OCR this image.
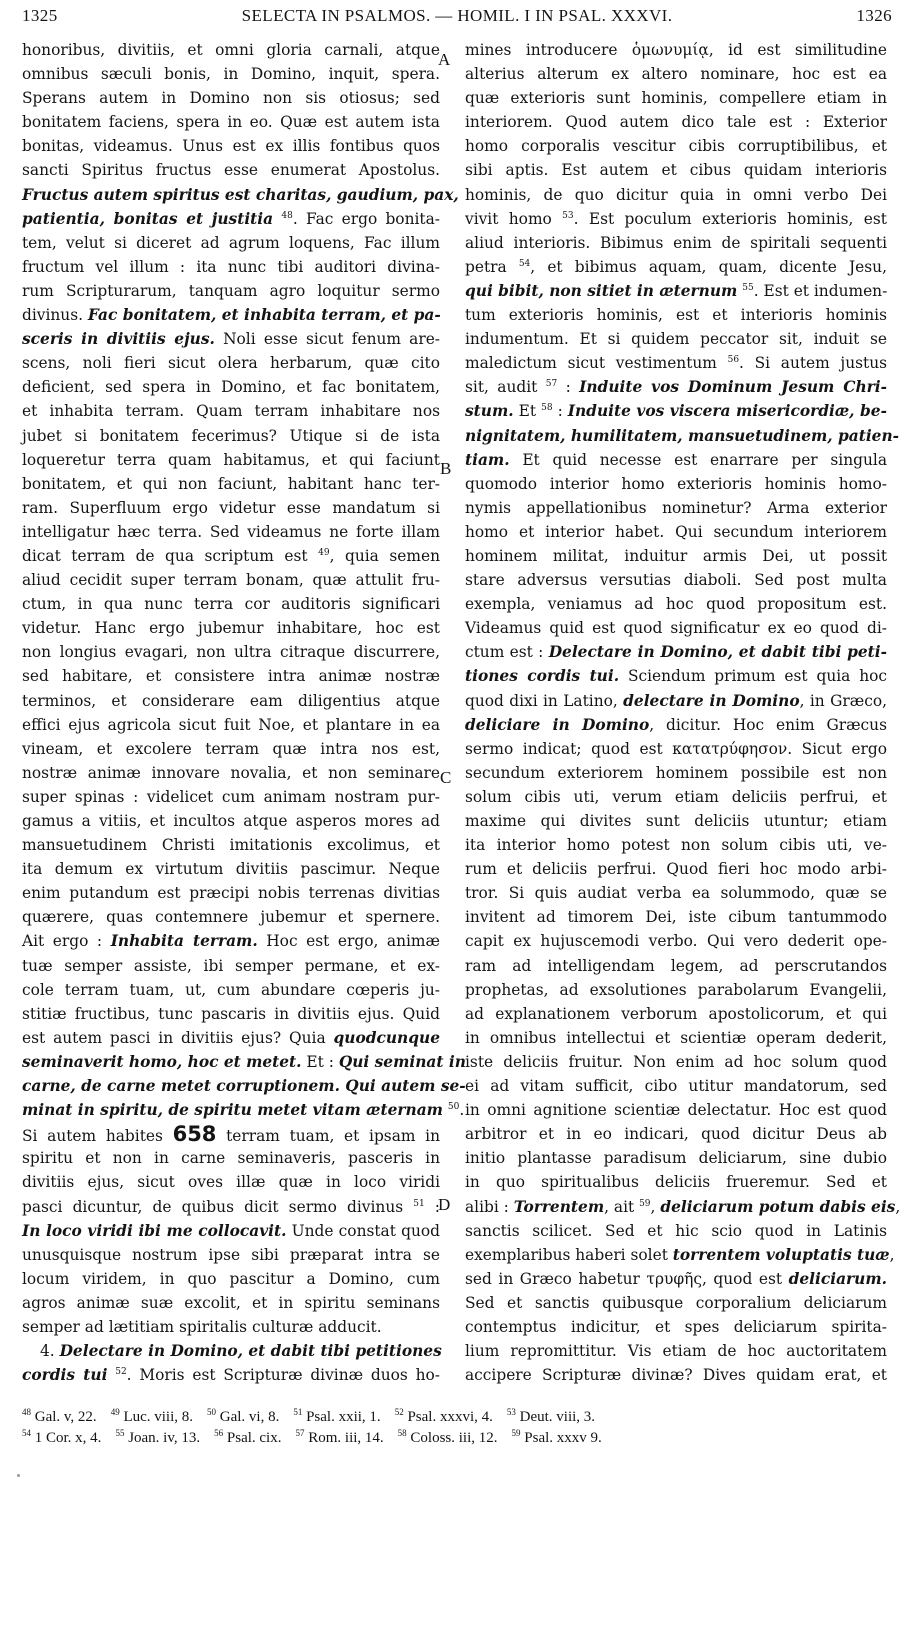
1325	SELECTA IN PSALMOS. — HOMIL. I IN PSAL. XXXVI.	1326
honoribus, divitiis, et omni gloria carnali, atque
omnibus sæculi bonis, in Domino, inquit, spera.
Sperans autem in Domino non sis otiosus; sed
bonitatem faciens, spera in eo. Quæ est autem ista
bonitas, videamus. Unus est ex illis fontibus quos
sancti Spiritus fructus esse enumerat Apostolus.
Fructus autem spiritus est charitas, gaudium, pax,
patientia, bonitas et justitia $^{48}$. Fac ergo bonita-
tem, velut si diceret ad agrum loquens, Fac illum
fructum vel illum : ita nunc tibi auditori divina-
rum Scripturarum, tanquam agro loquitur sermo
divinus. Fac bonitatem, et inhabita terram, et pa-
sceris in divitiis ejus. Noli esse sicut fenum are-
scens, noli fieri sicut olera herbarum, quæ cito
deficient, sed spera in Domino, et fac bonitatem,
et inhabita terram. Quam terram inhabitare nos
jubet si bonitatem fecerimus? Utique si de ista
loqueretur terra quam habitamus, et qui faciunt
bonitatem, et qui non faciunt, habitant hanc ter-
ram. Superfluum ergo videtur esse mandatum si
intelligatur hæc terra. Sed videamus ne forte illam
dicat terram de qua scriptum est $^{49}$, quia semen
aliud cecidit super terram bonam, quæ attulit fru-
ctum, in qua nunc terra cor auditoris significari
videtur. Hanc ergo jubemur inhabitare, hoc est
non longius evagari, non ultra citraque discurrere,
sed habitare, et consistere intra animæ nostræ
terminos, et considerare eam diligentius atque
effici ejus agricola sicut fuit Noe, et plantare in ea
vineam, et excolere terram quæ intra nos est,
nostræ animæ innovare novalia, et non seminare
super spinas : videlicet cum animam nostram pur-
gamus a vitiis, et incultos atque asperos mores ad
mansuetudinem Christi imitationis excolimus, et
ita demum ex virtutum divitiis pascimur. Neque
enim putandum est præcipi nobis terrenas divitias
quærere, quas contemnere jubemur et spernere.
Ait ergo : Inhabita terram. Hoc est ergo, animæ
tuæ semper assiste, ibi semper permane, et ex-
cole terram tuam, ut, cum abundare cœperis ju-
stitiæ fructibus, tunc pascaris in divitiis ejus. Quid
est autem pasci in divitiis ejus? Quia quodcunque
seminaverit homo, hoc et metet. Et : Qui seminat in
carne, de carne metet corruptionem. Qui autem se-
minat in spiritu, de spiritu metet vitam æternam $^{50}$.
Si autem habites 658 terram tuam, et ipsam in
spiritu et non in carne seminaveris, pasceris in
divitiis ejus, sicut oves illæ quæ in loco viridi
pasci dicuntur, de quibus dicit sermo divinus $^{51}$ :
In loco viridi ibi me collocavit. Unde constat quod
unusquisque nostrum ipse sibi præparat intra se
locum viridem, in quo pascitur a Domino, cum
agros animæ suæ excolit, et in spiritu seminans
semper ad lætitiam spiritalis culturæ adducit.
4. Delectare in Domino, et dabit tibi petitiones
cordis tui $^{52}$. Moris est Scripturæ divinæ duos ho-
mines introducere ὁμωνυμίᾳ, id est similitudine
alterius alterum ex altero nominare, hoc est ea
quæ exterioris sunt hominis, compellere etiam in
interiorem. Quod autem dico tale est : Exterior
homo corporalis vescitur cibis corruptibilibus, et
sibi aptis. Est autem et cibus quidam interioris
hominis, de quo dicitur quia in omni verbo Dei
vivit homo $^{53}$. Est poculum exterioris hominis, est
aliud interioris. Bibimus enim de spiritali sequenti
petra $^{54}$, et bibimus aquam, quam, dicente Jesu,
qui bibit, non sitiet in æternum $^{55}$. Est et indumen-
tum exterioris hominis, est et interioris hominis
indumentum. Et si quidem peccator sit, induit se
maledictum sicut vestimentum $^{56}$. Si autem justus
sit, audit $^{57}$ : Induite vos Dominum Jesum Chri-
stum. Et $^{58}$ : Induite vos viscera misericordiæ, be-
nignitatem, humilitatem, mansuetudinem, patien-
tiam. Et quid necesse est enarrare per singula
quomodo interior homo exterioris hominis homo-
nymis appellationibus nominetur? Arma exterior
homo et interior habet. Qui secundum interiorem
hominem militat, induitur armis Dei, ut possit
stare adversus versutias diaboli. Sed post multa
exempla, veniamus ad hoc quod propositum est.
Videamus quid est quod significatur ex eo quod di-
ctum est : Delectare in Domino, et dabit tibi peti-
tiones cordis tui. Sciendum primum est quia hoc
quod dixi in Latino, delectare in Domino, in Græco,
deliciare in Domino, dicitur. Hoc enim Græcus
sermo indicat; quod est κατατρύφησον. Sicut ergo
secundum exteriorem hominem possibile est non
solum cibis uti, verum etiam deliciis perfrui, et
maxime qui divites sunt deliciis utuntur; etiam
ita interior homo potest non solum cibis uti, ve-
rum et deliciis perfrui. Quod fieri hoc modo arbi-
tror. Si quis audiat verba ea solummodo, quæ se
invitent ad timorem Dei, iste cibum tantummodo
capit ex hujuscemodi verbo. Qui vero dederit ope-
ram ad intelligendam legem, ad perscrutandos
prophetas, ad exsolutiones parabolarum Evangelii,
ad explanationem verborum apostolicorum, et qui
in omnibus intellectui et scientiæ operam dederit,
iste deliciis fruitur. Non enim ad hoc solum quod
ei ad vitam sufficit, cibo utitur mandatorum, sed
in omni agnitione scientiæ delectatur. Hoc est quod
arbitror et in eo indicari, quod dicitur Deus ab
initio plantasse paradisum deliciarum, sine dubio
in quo spiritualibus deliciis frueremur. Sed et
alibi : Torrentem, ait $^{59}$, deliciarum potum dabis eis,
sanctis scilicet. Sed et hic scio quod in Latinis
exemplaribus haberi solet torrentem voluptatis tuæ,
sed in Græco habetur τρυφῆς, quod est deliciarum.
Sed et sanctis quibusque corporalium deliciarum
contemptus indicitur, et spes deliciarum spirita-
lium repromittitur. Vis etiam de hoc auctoritatem
accipere Scripturæ divinæ? Dives quidam erat, et
A
B
C
D
$^{48}$ Gal. v, 22. $^{49}$ Luc. viii, 8. $^{50}$ Gal. vi, 8. $^{51}$ Psal. xxii, 1. $^{52}$ Psal. xxxvi, 4. $^{53}$ Deut. viii, 3.
$^{54}$ 1 Cor. x, 4. $^{55}$ Joan. iv, 13. $^{56}$ Psal. cix. $^{57}$ Rom. iii, 14. $^{58}$ Coloss. iii, 12. $^{59}$ Psal. xxxv 9.
